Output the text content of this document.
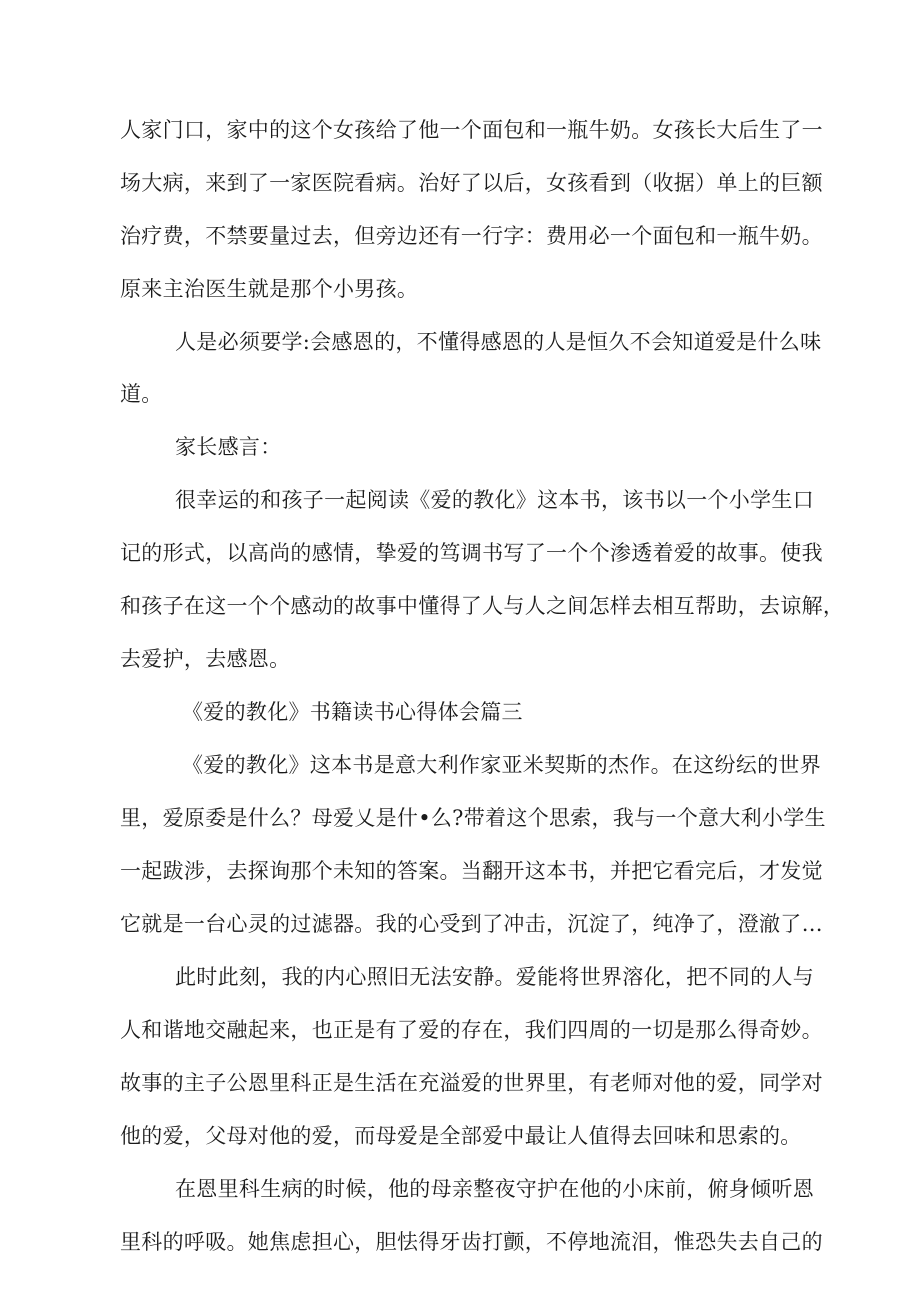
人家门口，家中的这个女孩给了他一个面包和一瓶牛奶。女孩长大后生了一
场大病，来到了一家医院看病。治好了以后，女孩看到（收据）单上的巨额
治疗费，不禁要量过去，但旁边还有一行字：费用必一个面包和一瓶牛奶。
原来主治医生就是那个小男孩。
人是必须要学:会感恩的，不懂得感恩的人是恒久不会知道爱是什么味
道。
家长感言：
很幸运的和孩子一起阅读《爱的教化》这本书，该书以一个小学生口
记的形式，以高尚的感情，挚爱的笃调书写了一个个渗透着爱的故事。使我
和孩子在这一个个感动的故事中懂得了人与人之间怎样去相互帮助，去谅解，
去爱护，去感恩。
《爱的教化》书籍读书心得体会篇三
《爱的教化》这本书是意大利作家亚米契斯的杰作。在这纷纭的世界
里，爱原委是什么？母爱乂是什•么?带着这个思索，我与一个意大利小学生
一起跋涉，去探询那个未知的答案。当翻开这本书，并把它看完后，才发觉
它就是一台心灵的过滤器。我的心受到了冲击，沉淀了，纯净了，澄澈了…
此时此刻，我的内心照旧无法安静。爱能将世界溶化，把不同的人与
人和谐地交融起来，也正是有了爱的存在，我们四周的一切是那么得奇妙。
故事的主子公恩里科正是生活在充溢爱的世界里，有老师对他的爱，同学对
他的爱，父母对他的爱，而母爱是全部爱中最让人值得去回味和思索的。
在恩里科生病的时候，他的母亲整夜守护在他的小床前，俯身倾听恩
里科的呼吸。她焦虑担心，胆怯得牙齿打颤，不停地流泪，惟恐失去自己的
